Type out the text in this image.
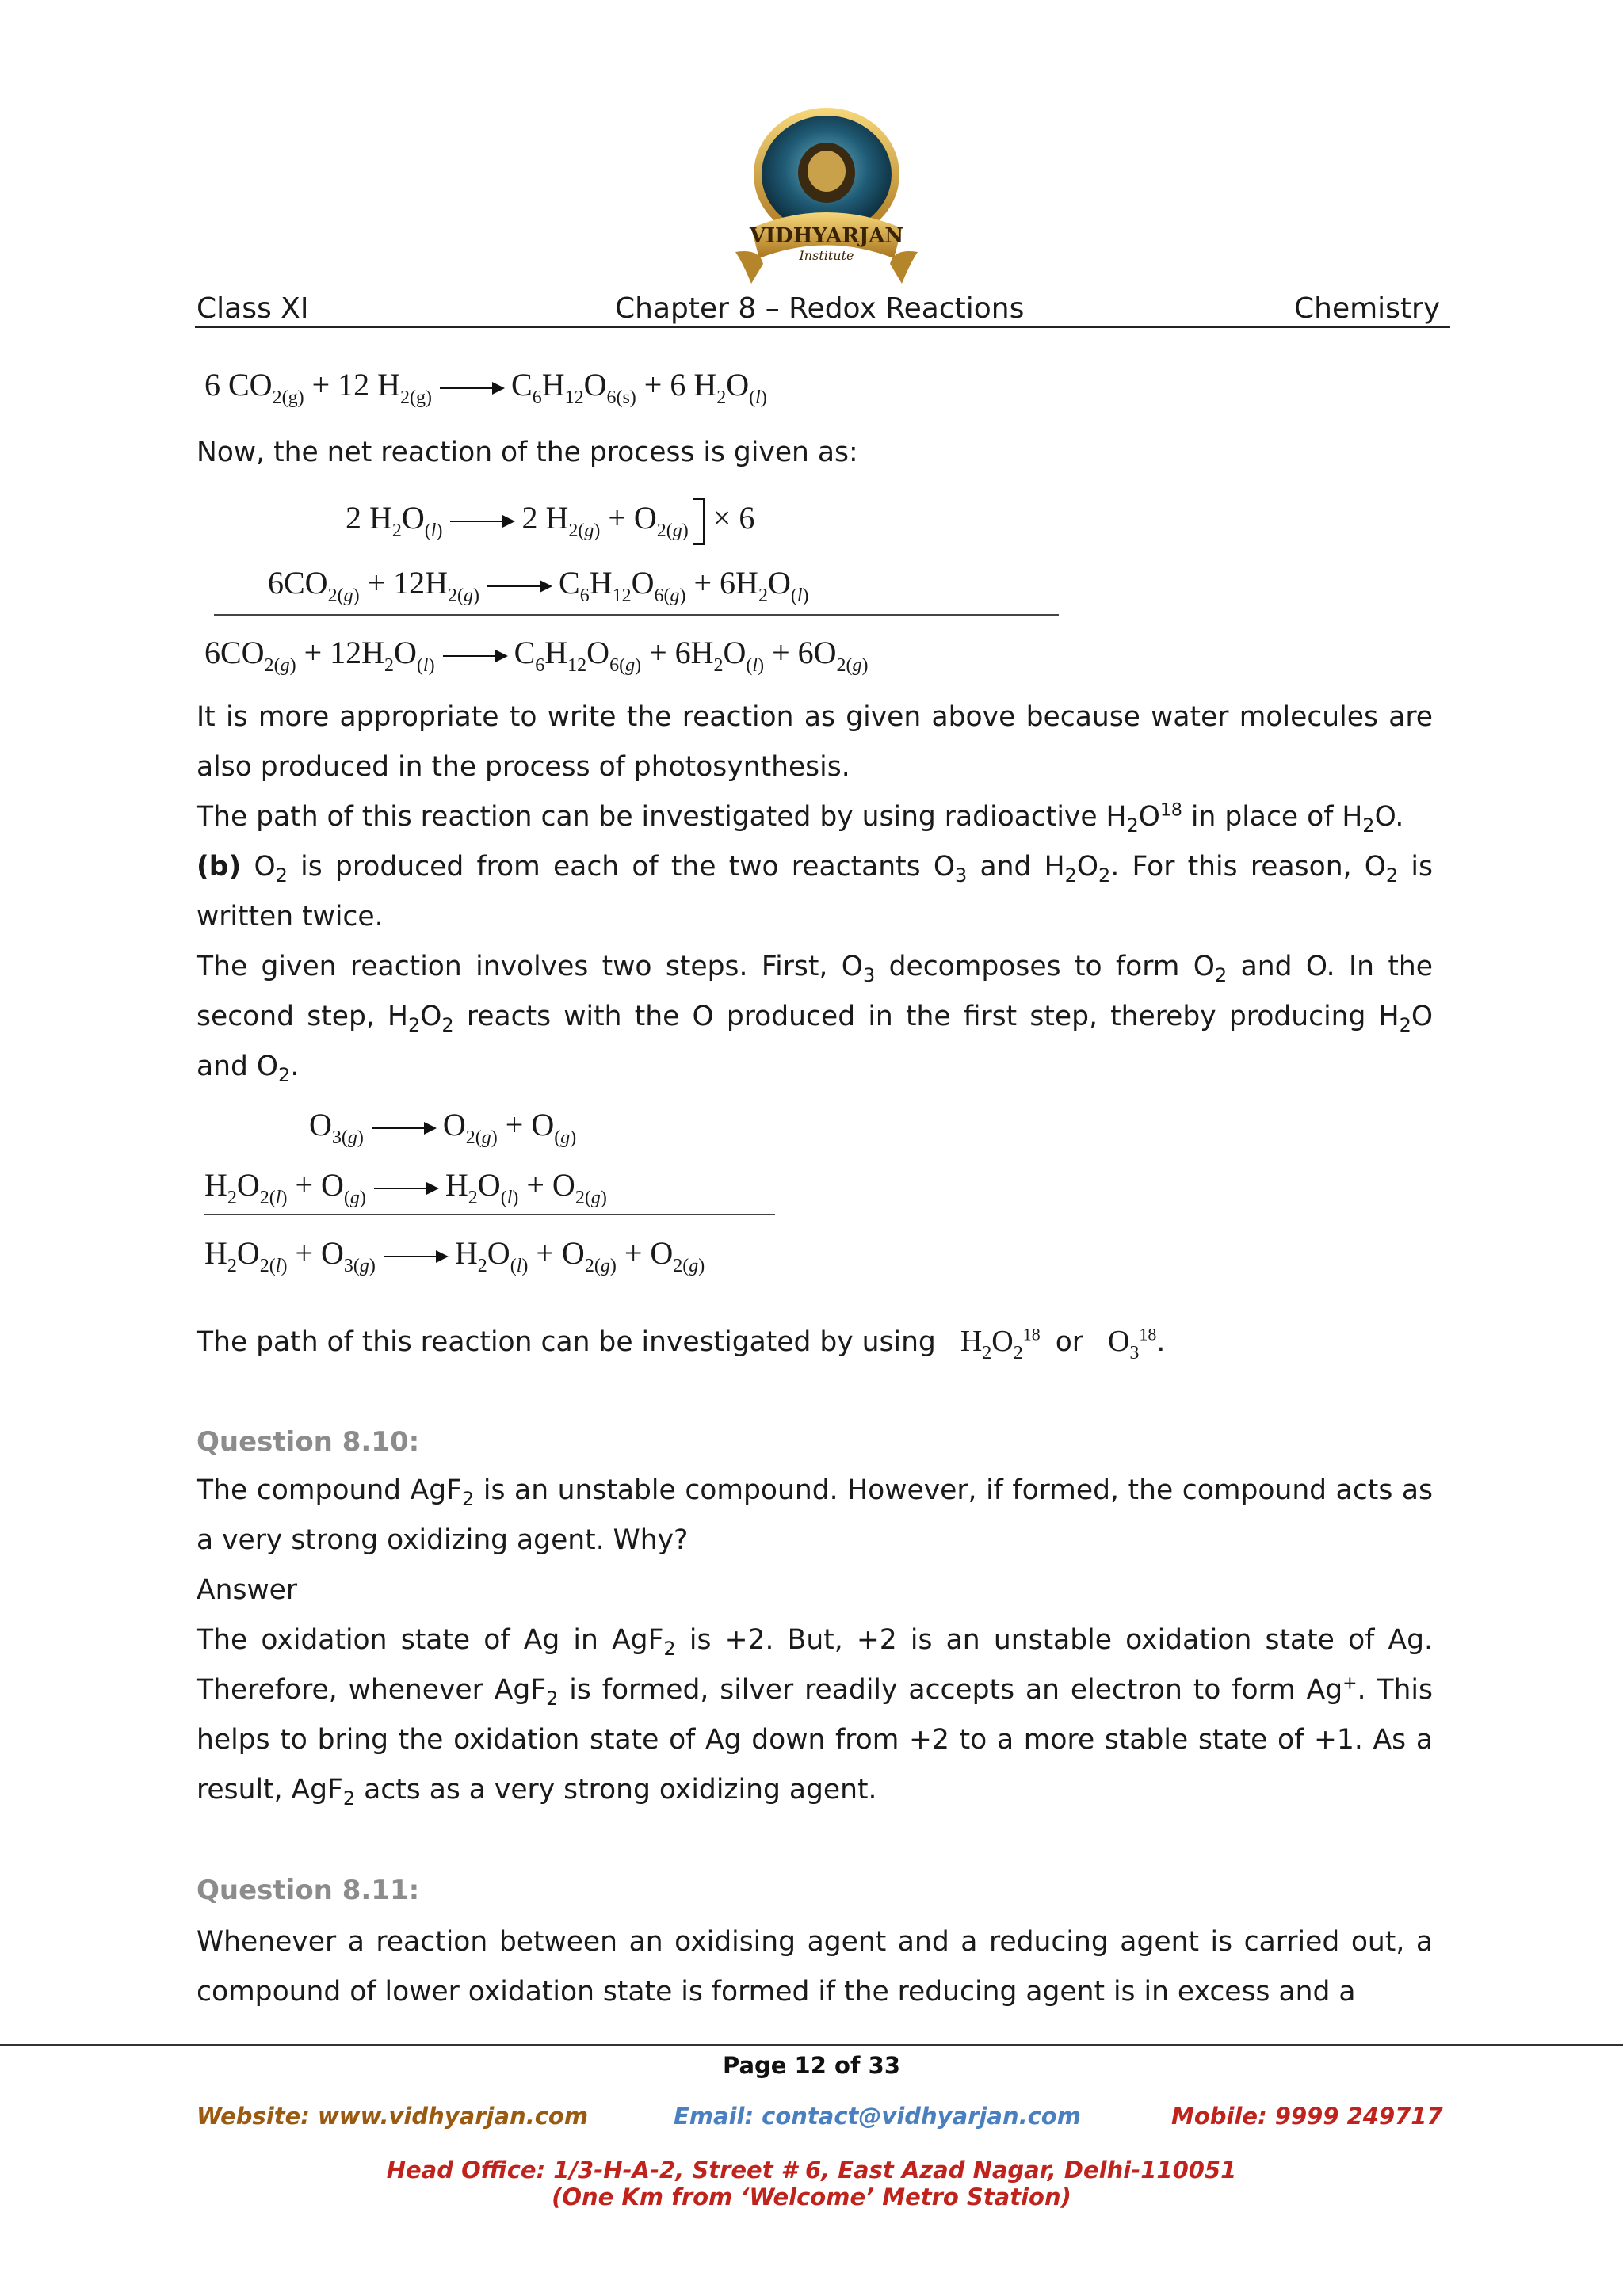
VIDHYARJAN
Institute
Class XI	Chapter 8 – Redox Reactions	Chemistry
6 $CO_{2(g)} + 12$ $H_{2(g)}$	$C_6H_{12}O_{6(s)} + 6$ $H_2O_{(l)}$
Now, the net reaction of the process is given as:
2 $H_2O_{(l)}$	2 $H_{2(g)} + O_{2(g)} \times 6$
$6CO_{2(g)} + 12H_{2(g)}$	$C_6H_{12}O_{6(g)} + 6H_2O_{(l)}$
$6CO_{2(g)} + 12H_2O_{(l)}$	$C_6H_{12}O_{6(g)} + 6H_2O_{(l)} + 6O_{2(g)}$
It is more appropriate to write the reaction as given above because water molecules are also produced in the process of photosynthesis.
The path of this reaction can be investigated by using radioactive $H_2O^{18}$ in place of $H_2O$.
(b) $O_2$ is produced from each of the two reactants $O_3$ and $H_2O_2$. For this reason, $O_2$ is written twice.
The given reaction involves two steps. First, $O_3$ decomposes to form $O_2$ and O. In the second step, $H_2O_2$ reacts with the O produced in the first step, thereby producing $H_2O$ and $O_2$.
$O_{3(g)}$	$O_{2(g)} + O_{(g)}$
$H_2O_{2(l)} + O_{(g)}$	$H_2O_{(l)} + O_{2(g)}$
$H_2O_{2(l)} + O_{3(g)}$	$H_2O_{(l)} + O_{2(g)} + O_{2(g)}$
The path of this reaction can be investigated by using $H_2O_2^{18}$ or $O_3^{18}$.
Question 8.10:
The compound AgF$_2$ is an unstable compound. However, if formed, the compound acts as a very strong oxidizing agent. Why?
Answer
The oxidation state of Ag in AgF$_2$ is +2. But, +2 is an unstable oxidation state of Ag. Therefore, whenever AgF$_2$ is formed, silver readily accepts an electron to form Ag+. This helps to bring the oxidation state of Ag down from +2 to a more stable state of +1. As a result, AgF$_2$ acts as a very strong oxidizing agent.
Question 8.11:
Whenever a reaction between an oxidising agent and a reducing agent is carried out, a compound of lower oxidation state is formed if the reducing agent is in excess and a
Page 12 of 33
Website: www.vidhyarjan.com	Email: contact@vidhyarjan.com	Mobile: 9999 249717
Head Office: 1/3-H-A-2, Street # 6, East Azad Nagar, Delhi-110051
(One Km from ‘Welcome’ Metro Station)
